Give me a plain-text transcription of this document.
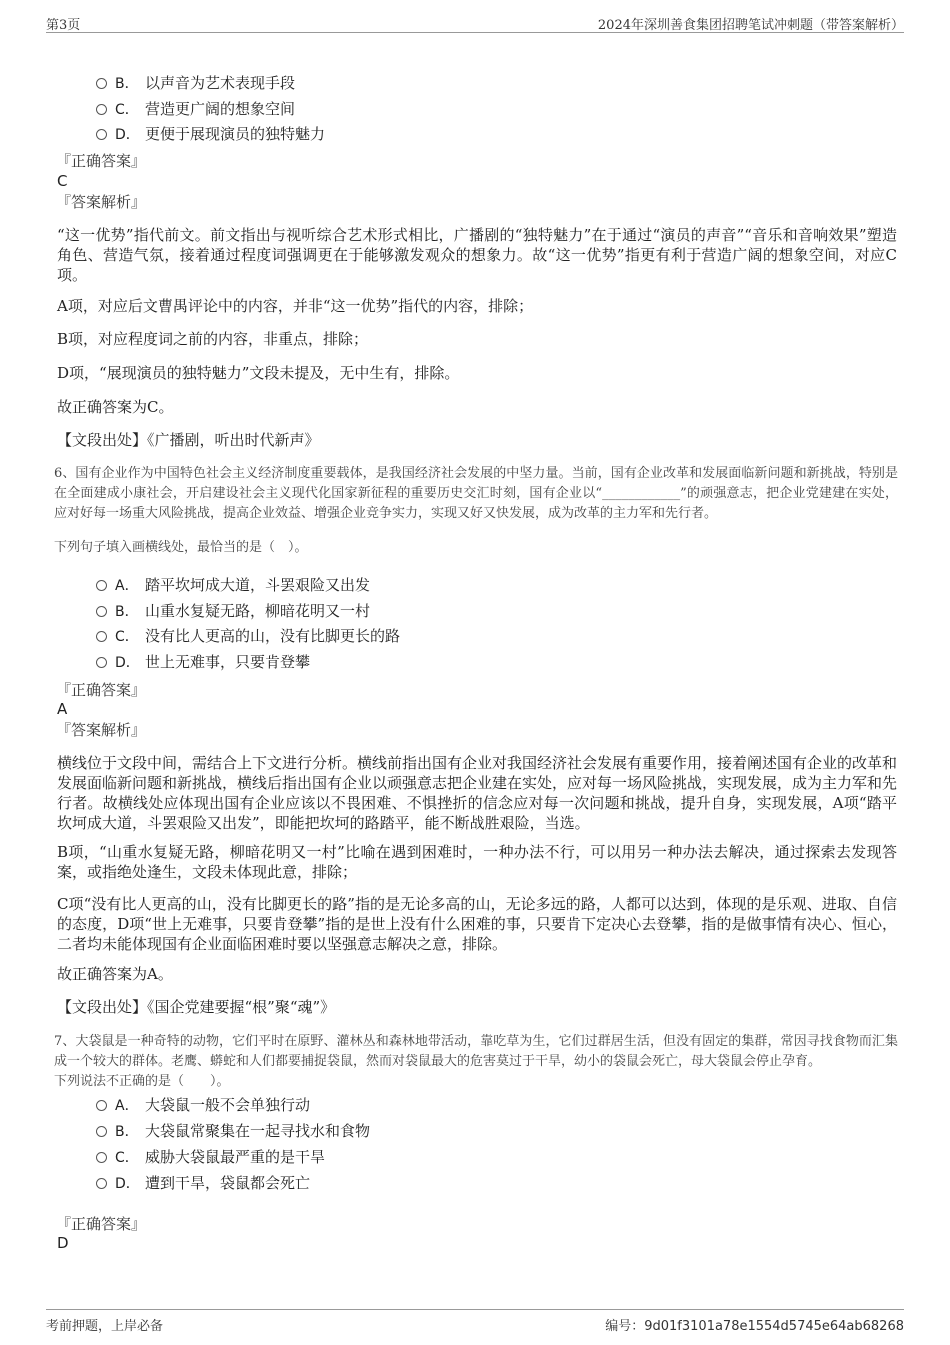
第3页	2024年深圳善食集团招聘笔试冲刺题（带答案解析）
B． 以声音为艺术表现手段
C． 营造更广阔的想象空间
D． 更便于展现演员的独特魅力
『正确答案』
C
『答案解析』
“这一优势”指代前文。前文指出与视听综合艺术形式相比，广播剧的“独特魅力”在于通过“演员的声音”“音乐和音响效果”塑造角色、营造气氛，接着通过程度词强调更在于能够激发观众的想象力。故“这一优势”指更有利于营造广阔的想象空间，对应C项。
A项，对应后文曹禺评论中的内容，并非“这一优势”指代的内容，排除；
B项，对应程度词之前的内容，非重点，排除；
D项，“展现演员的独特魅力”文段未提及，无中生有，排除。
故正确答案为C。
【文段出处】《广播剧，听出时代新声》
6、国有企业作为中国特色社会主义经济制度重要载体，是我国经济社会发展的中坚力量。当前，国有企业改革和发展面临新问题和新挑战，特别是在全面建成小康社会，开启建设社会主义现代化国家新征程的重要历史交汇时刻，国有企业以“____________”的顽强意志，把企业党建建在实处，应对好每一场重大风险挑战，提高企业效益、增强企业竞争实力，实现又好又快发展，成为改革的主力军和先行者。
下列句子填入画横线处，最恰当的是（　）。
A． 踏平坎坷成大道，斗罢艰险又出发
B． 山重水复疑无路，柳暗花明又一村
C． 没有比人更高的山，没有比脚更长的路
D． 世上无难事，只要肯登攀
『正确答案』
A
『答案解析』
横线位于文段中间，需结合上下文进行分析。横线前指出国有企业对我国经济社会发展有重要作用，接着阐述国有企业的改革和发展面临新问题和新挑战，横线后指出国有企业以顽强意志把企业建在实处，应对每一场风险挑战，实现发展，成为主力军和先行者。故横线处应体现出国有企业应该以不畏困难、不惧挫折的信念应对每一次问题和挑战，提升自身，实现发展，A项“踏平坎坷成大道，斗罢艰险又出发”，即能把坎坷的路踏平，能不断战胜艰险，当选。
B项，“山重水复疑无路，柳暗花明又一村”比喻在遇到困难时，一种办法不行，可以用另一种办法去解决，通过探索去发现答案，或指绝处逢生，文段未体现此意，排除；
C项“没有比人更高的山，没有比脚更长的路”指的是无论多高的山，无论多远的路，人都可以达到，体现的是乐观、进取、自信的态度，D项“世上无难事，只要肯登攀”指的是世上没有什么困难的事，只要肯下定决心去登攀，指的是做事情有决心、恒心，二者均未能体现国有企业面临困难时要以坚强意志解决之意，排除。
故正确答案为A。
【文段出处】《国企党建要握“根”聚“魂”》
7、大袋鼠是一种奇特的动物，它们平时在原野、灌林丛和森林地带活动，靠吃草为生，它们过群居生活，但没有固定的集群，常因寻找食物而汇集成一个较大的群体。老鹰、蟒蛇和人们都要捕捉袋鼠，然而对袋鼠最大的危害莫过于干旱，幼小的袋鼠会死亡，母大袋鼠会停止孕育。
下列说法不正确的是（　　）。
A． 大袋鼠一般不会单独行动
B． 大袋鼠常聚集在一起寻找水和食物
C． 威胁大袋鼠最严重的是干旱
D． 遭到干旱，袋鼠都会死亡
『正确答案』
D
考前押题，上岸必备	编号：9d01f3101a78e1554d5745e64ab68268
